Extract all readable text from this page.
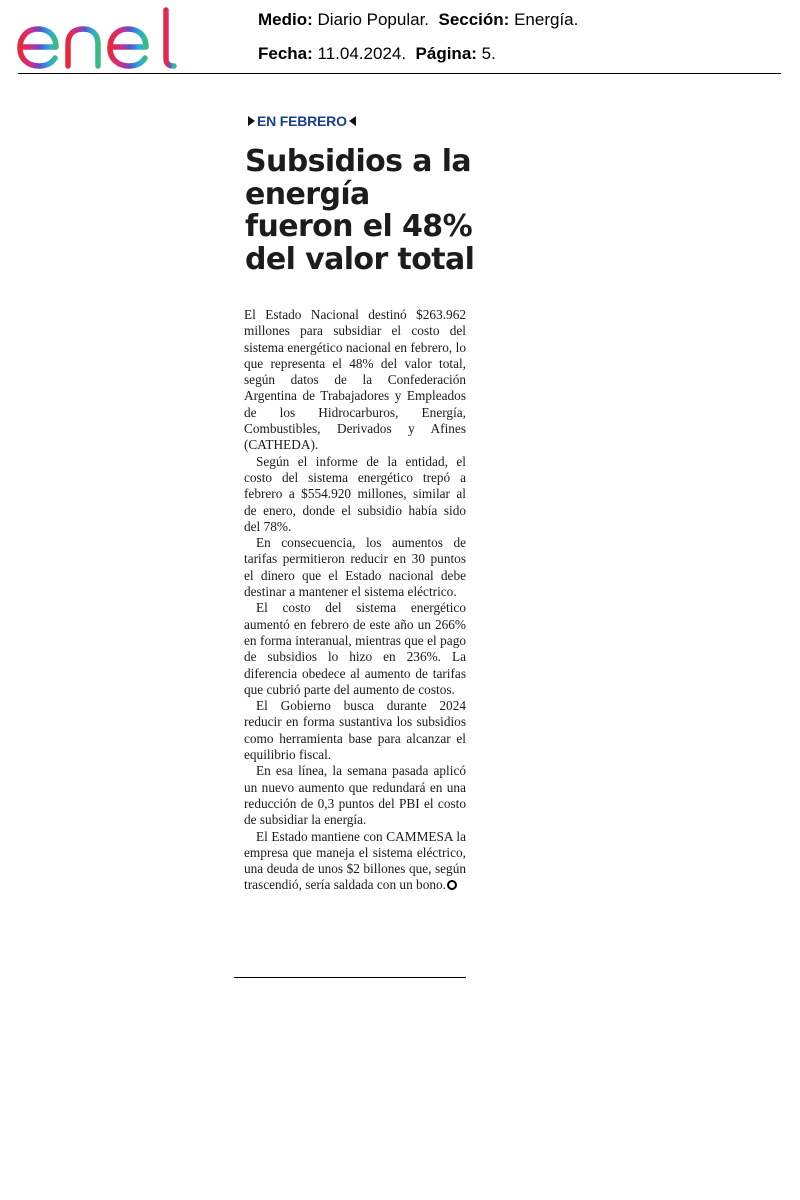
Medio: Diario Popular. Sección: Energía.
Fecha: 11.04.2024. Página: 5.
EN FEBRERO
Subsidios a la energía fueron el 48% del valor total

El Estado Nacional destinó $263.962 millones para subsidiar el costo del sistema energético nacional en febrero, lo que representa el 48% del valor total, según datos de la Confederación Argentina de Trabajadores y Empleados de los Hidrocarburos, Energía, Combustibles, Derivados y Afines (CATHEDA).

Según el informe de la entidad, el costo del sistema energético trepó a febrero a $554.920 millones, similar al de enero, donde el subsidio había sido del 78%.

En consecuencia, los aumentos de tarifas permitieron reducir en 30 puntos el dinero que el Estado nacional debe destinar a mantener el sistema eléctrico.

El costo del sistema energético aumentó en febrero de este año un 266% en forma interanual, mientras que el pago de subsidios lo hizo en 236%. La diferencia obedece al aumento de tarifas que cubrió parte del aumento de costos.

El Gobierno busca durante 2024 reducir en forma sustantiva los subsidios como herramienta base para alcanzar el equilibrio fiscal.

En esa línea, la semana pasada aplicó un nuevo aumento que redundará en una reducción de 0,3 puntos del PBI el costo de subsidiar la energía.

El Estado mantiene con CAMMESA la empresa que maneja el sistema eléctrico, una deuda de unos $2 billones que, según trascendió, sería saldada con un bono.
